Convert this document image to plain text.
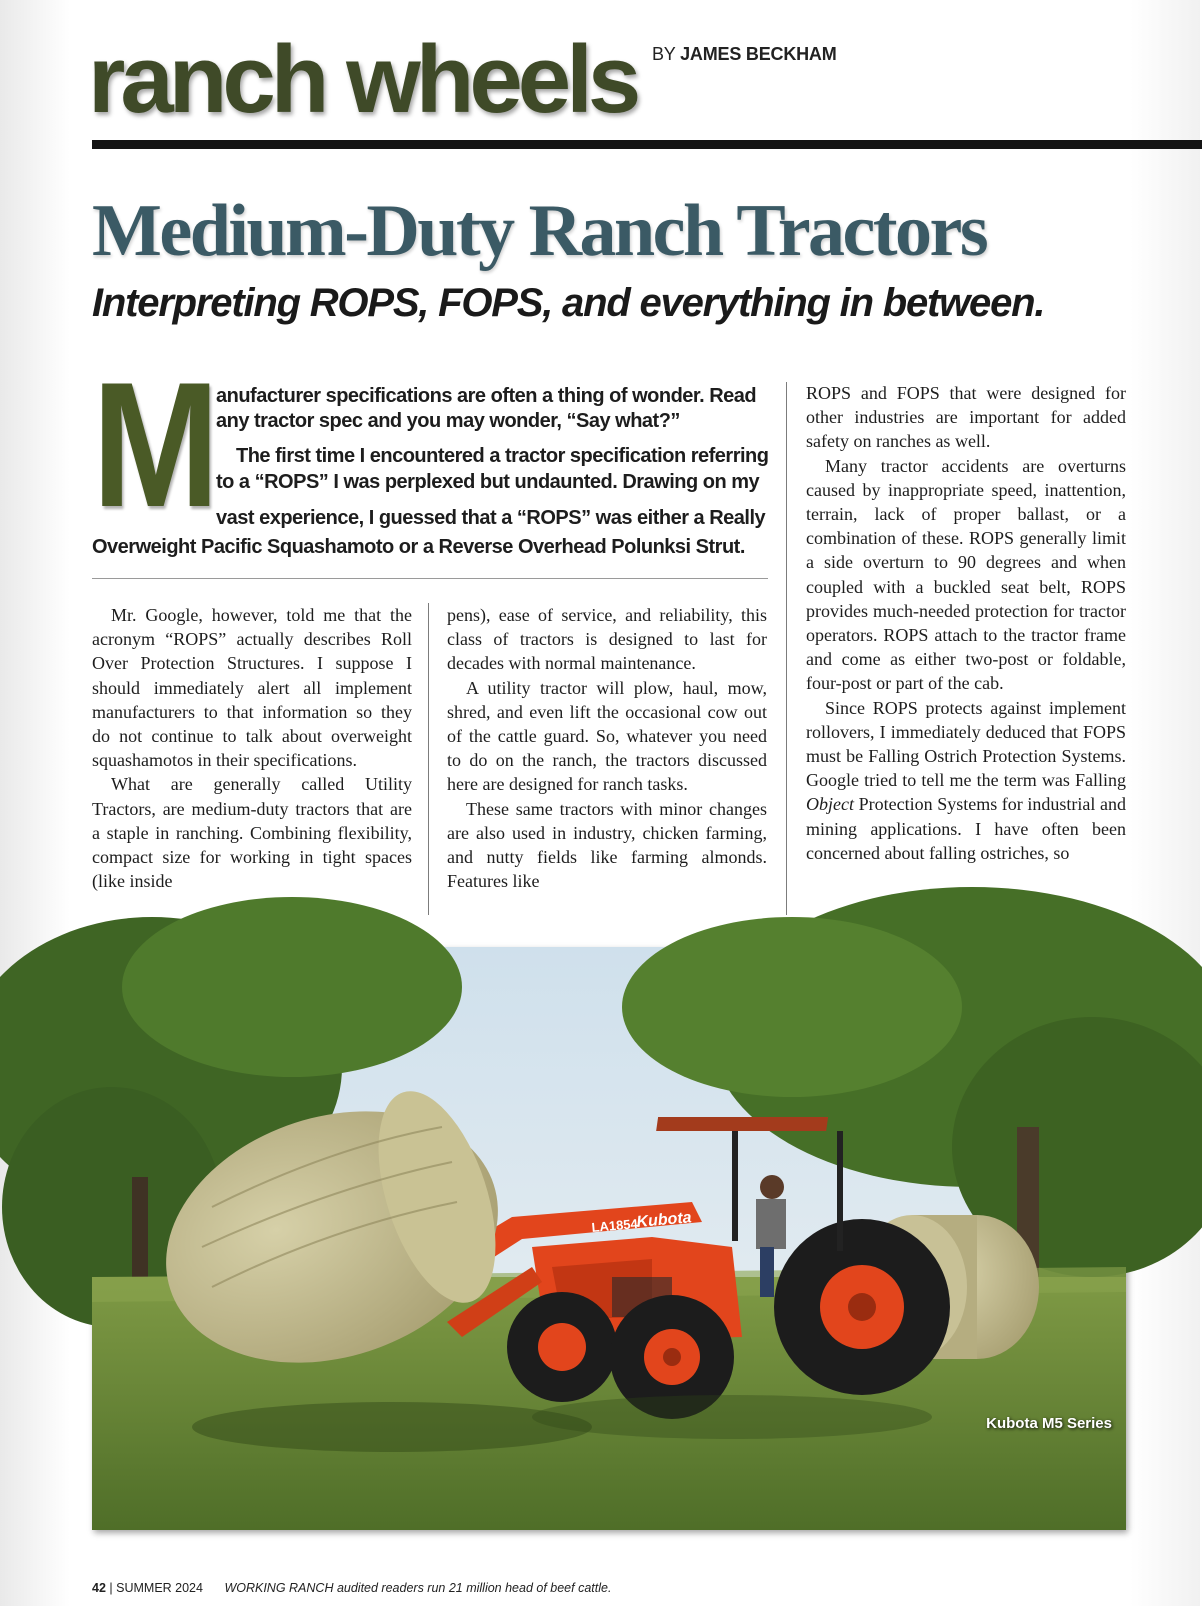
BY JAMES BECKHAM
ranch wheels
Medium-Duty Ranch Tractors
Interpreting ROPS, FOPS, and everything in between.
M anufacturer specifications are often a thing of wonder. Read
any tractor spec and you may wonder, “Say what?”
The first time I encountered a tractor specification referring
to a “ROPS” I was perplexed but undaunted. Drawing on my
vast experience, I guessed that a “ROPS” was either a Really
Overweight Pacific Squashamoto or a Reverse Overhead Polunksi Strut.

Mr. Google, however, told me that the acronym “ROPS” actually describes Roll Over Protection Structures. I suppose I should immediately alert all implement manufacturers to that information so they do not continue to talk about overweight squashamotos in their specifications.

What are generally called Utility Tractors, are medium-duty tractors that are a staple in ranching. Combining flexibility, compact size for working in tight spaces (like inside

pens), ease of service, and reliability, this class of tractors is designed to last for decades with normal maintenance.

A utility tractor will plow, haul, mow, shred, and even lift the occasional cow out of the cattle guard. So, whatever you need to do on the ranch, the tractors discussed here are designed for ranch tasks.

These same tractors with minor changes are also used in industry, chicken farming, and nutty fields like farming almonds. Features like

ROPS and FOPS that were designed for other industries are important for added safety on ranches as well.

Many tractor accidents are overturns caused by inappropriate speed, inattention, terrain, lack of proper ballast, or a combination of these. ROPS generally limit a side overturn to 90 degrees and when coupled with a buckled seat belt, ROPS provides much-needed protection for tractor operators. ROPS attach to the tractor frame and come as either two-post or foldable, four-post or part of the cab.

Since ROPS protects against implement rollovers, I immediately deduced that FOPS must be Falling Ostrich Protection Systems. Google tried to tell me the term was Falling Object Protection Systems for industrial and mining applications. I have often been concerned about falling ostriches, so

LA1854
Kubota
Kubota M5 Series
42 | SUMMER 2024 WORKING RANCH audited readers run 21 million head of beef cattle.
